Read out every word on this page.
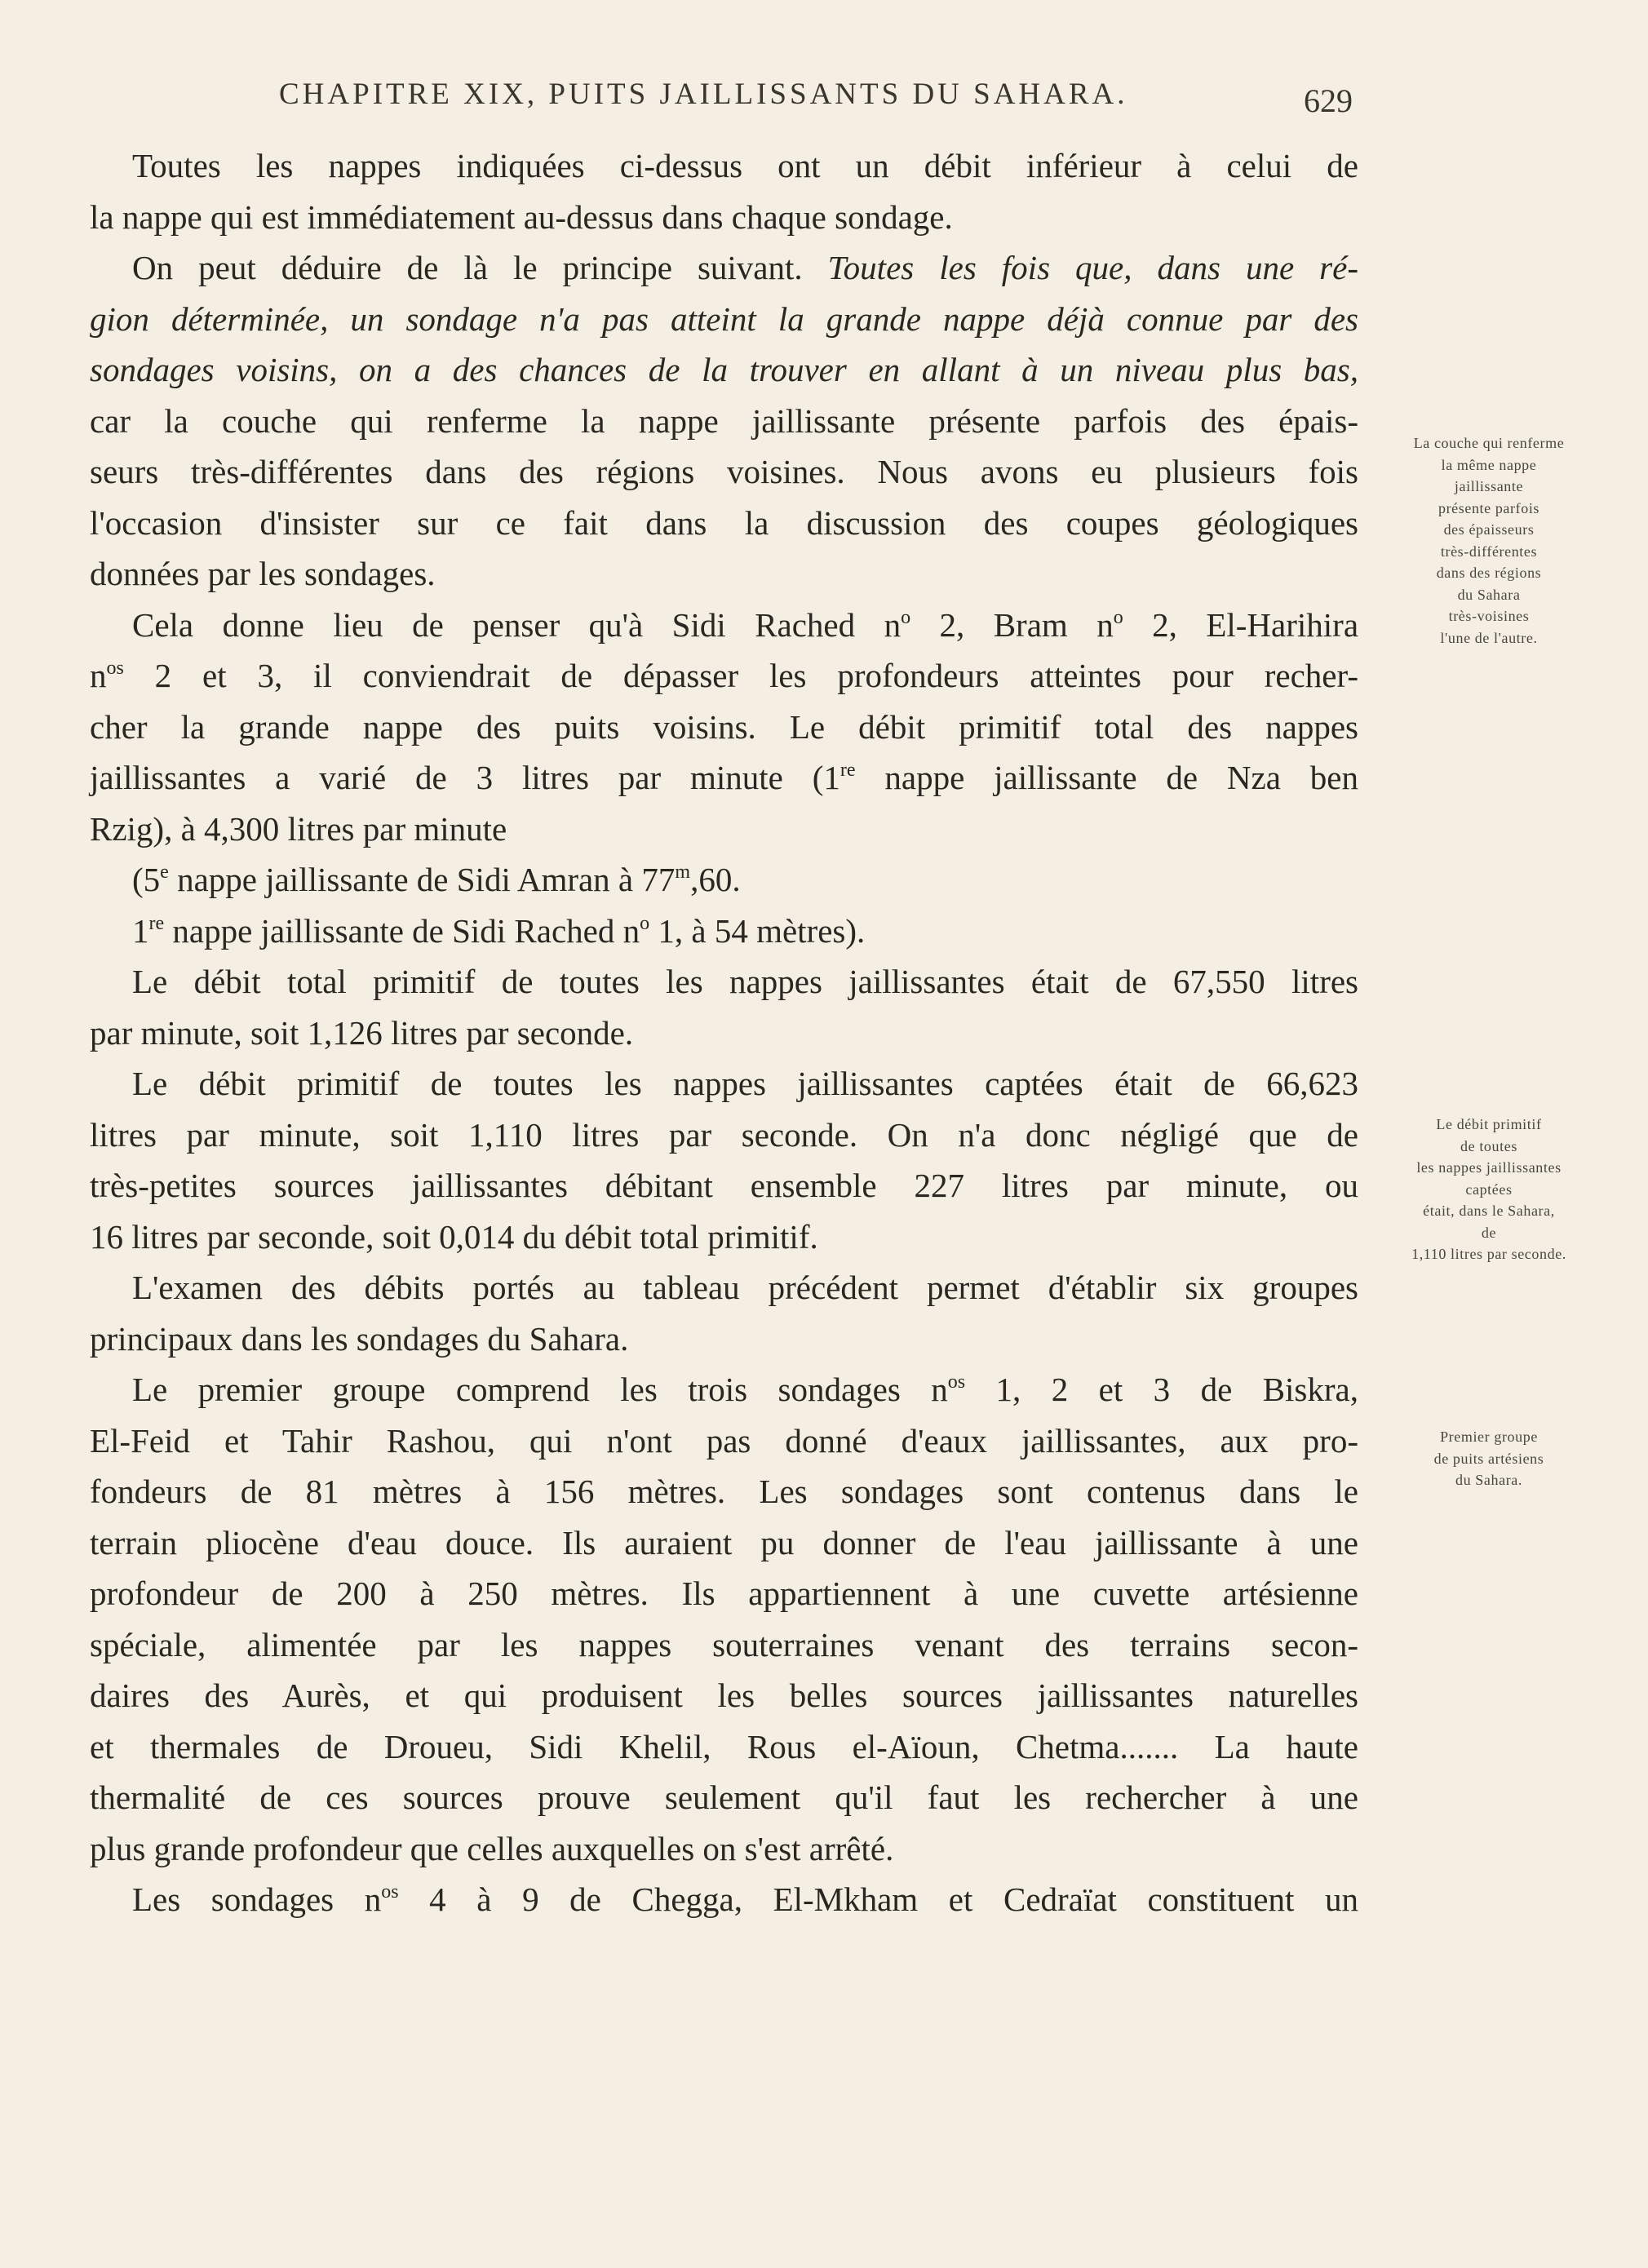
CHAPITRE XIX, PUITS JAILLISSANTS DU SAHARA.	629
Toutes les nappes indiquées ci-dessus ont un débit inférieur à celui de
la nappe qui est immédiatement au-dessus dans chaque sondage.
On peut déduire de là le principe suivant. Toutes les fois que, dans une ré-
gion déterminée, un sondage n'a pas atteint la grande nappe déjà connue par des
sondages voisins, on a des chances de la trouver en allant à un niveau plus bas,
car la couche qui renferme la nappe jaillissante présente parfois des épais-
seurs très-différentes dans des régions voisines. Nous avons eu plusieurs fois
l'occasion d'insister sur ce fait dans la discussion des coupes géologiques
données par les sondages.
Cela donne lieu de penser qu'à Sidi Rached $n^o$ 2, Bram $n^o$ 2, El-Harihira
$n^{os}$ 2 et 3, il conviendrait de dépasser les profondeurs atteintes pour recher-
cher la grande nappe des puits voisins. Le débit primitif total des nappes
jaillissantes a varié de 3 litres par minute (1re nappe jaillissante de Nza ben
Rzig), à 4,300 litres par minute
(5e nappe jaillissante de Sidi Amran à 77$^m$,60.
1re nappe jaillissante de Sidi Rached $n^o$ 1, à 54 mètres).
Le débit total primitif de toutes les nappes jaillissantes était de 67,550 litres
par minute, soit 1,126 litres par seconde.
Le débit primitif de toutes les nappes jaillissantes captées était de 66,623
litres par minute, soit 1,110 litres par seconde. On n'a donc négligé que de
très-petites sources jaillissantes débitant ensemble 227 litres par minute, ou
16 litres par seconde, soit 0,014 du débit total primitif.
L'examen des débits portés au tableau précédent permet d'établir six groupes
principaux dans les sondages du Sahara.
Le premier groupe comprend les trois sondages $n^{os}$ 1, 2 et 3 de Biskra,
El-Feid et Tahir Rashou, qui n'ont pas donné d'eaux jaillissantes, aux pro-
fondeurs de 81 mètres à 156 mètres. Les sondages sont contenus dans le
terrain pliocène d'eau douce. Ils auraient pu donner de l'eau jaillissante à une
profondeur de 200 à 250 mètres. Ils appartiennent à une cuvette artésienne
spéciale, alimentée par les nappes souterraines venant des terrains secon-
daires des Aurès, et qui produisent les belles sources jaillissantes naturelles
et thermales de Droueu, Sidi Khelil, Rous el-Aïoun, Chetma....... La haute
thermalité de ces sources prouve seulement qu'il faut les rechercher à une
plus grande profondeur que celles auxquelles on s'est arrêté.
Les sondages $n^{os}$ 4 à 9 de Chegga, El-Mkham et Cedraïat constituent un
La couche qui renferme
la même nappe
jaillissante
présente parfois
des épaisseurs
très-différentes
dans des régions
du Sahara
très-voisines
l'une de l'autre.
Le débit primitif
de toutes
les nappes jaillissantes
captées
était, dans le Sahara,
de
1,110 litres par seconde.
Premier groupe
de puits artésiens
du Sahara.
